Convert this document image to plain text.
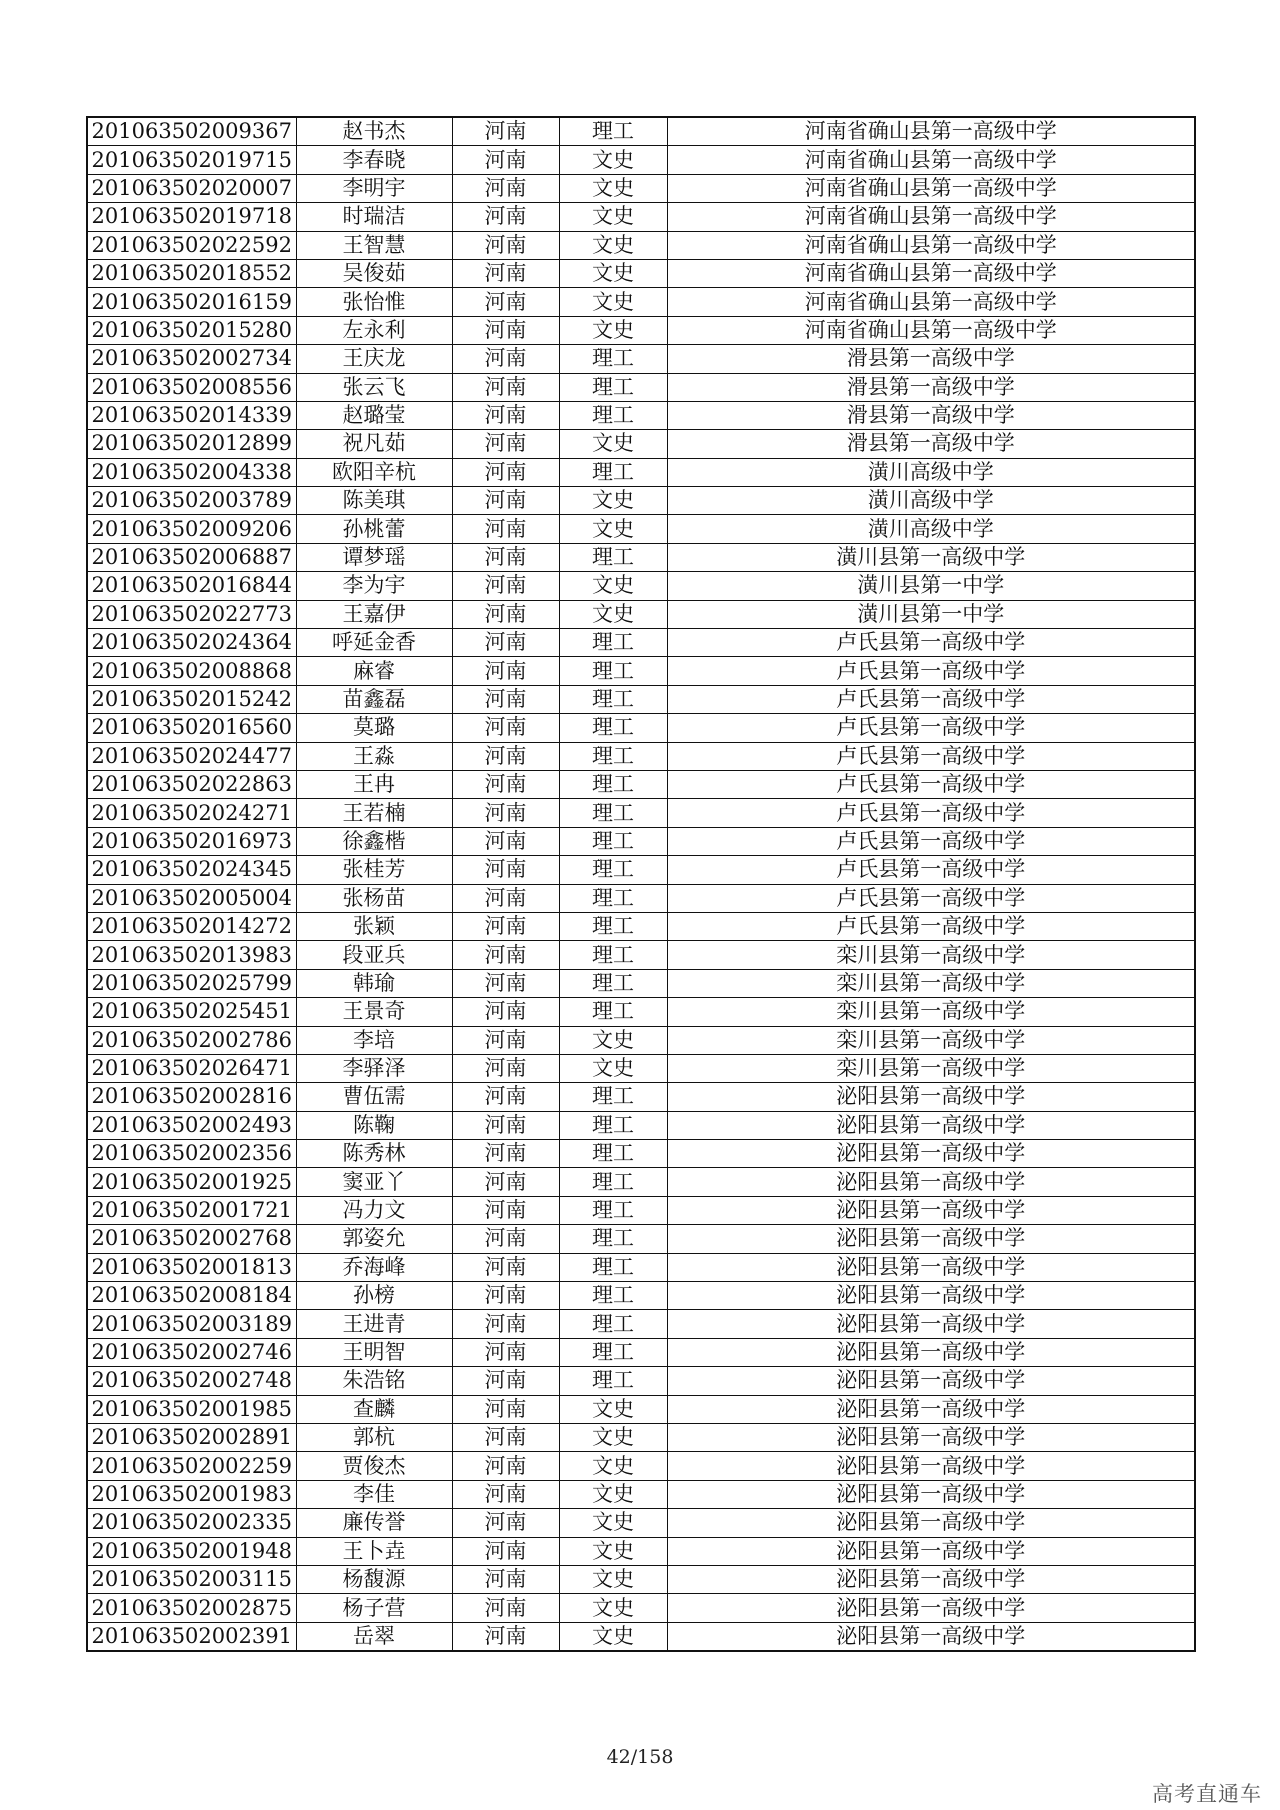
201063502009367	赵书杰	河南	理工	河南省确山县第一高级中学
201063502019715	李春晓	河南	文史	河南省确山县第一高级中学
201063502020007	李明宇	河南	文史	河南省确山县第一高级中学
201063502019718	时瑞洁	河南	文史	河南省确山县第一高级中学
201063502022592	王智慧	河南	文史	河南省确山县第一高级中学
201063502018552	吴俊茹	河南	文史	河南省确山县第一高级中学
201063502016159	张怡惟	河南	文史	河南省确山县第一高级中学
201063502015280	左永利	河南	文史	河南省确山县第一高级中学
201063502002734	王庆龙	河南	理工	滑县第一高级中学
201063502008556	张云飞	河南	理工	滑县第一高级中学
201063502014339	赵璐莹	河南	理工	滑县第一高级中学
201063502012899	祝凡茹	河南	文史	滑县第一高级中学
201063502004338	欧阳辛杭	河南	理工	潢川高级中学
201063502003789	陈美琪	河南	文史	潢川高级中学
201063502009206	孙桃蕾	河南	文史	潢川高级中学
201063502006887	谭梦瑶	河南	理工	潢川县第一高级中学
201063502016844	李为宇	河南	文史	潢川县第一中学
201063502022773	王嘉伊	河南	文史	潢川县第一中学
201063502024364	呼延金香	河南	理工	卢氏县第一高级中学
201063502008868	麻睿	河南	理工	卢氏县第一高级中学
201063502015242	苗鑫磊	河南	理工	卢氏县第一高级中学
201063502016560	莫璐	河南	理工	卢氏县第一高级中学
201063502024477	王淼	河南	理工	卢氏县第一高级中学
201063502022863	王冉	河南	理工	卢氏县第一高级中学
201063502024271	王若楠	河南	理工	卢氏县第一高级中学
201063502016973	徐鑫楷	河南	理工	卢氏县第一高级中学
201063502024345	张桂芳	河南	理工	卢氏县第一高级中学
201063502005004	张杨苗	河南	理工	卢氏县第一高级中学
201063502014272	张颖	河南	理工	卢氏县第一高级中学
201063502013983	段亚兵	河南	理工	栾川县第一高级中学
201063502025799	韩瑜	河南	理工	栾川县第一高级中学
201063502025451	王景奇	河南	理工	栾川县第一高级中学
201063502002786	李培	河南	文史	栾川县第一高级中学
201063502026471	李驿泽	河南	文史	栾川县第一高级中学
201063502002816	曹伍需	河南	理工	泌阳县第一高级中学
201063502002493	陈鞠	河南	理工	泌阳县第一高级中学
201063502002356	陈秀林	河南	理工	泌阳县第一高级中学
201063502001925	窦亚丫	河南	理工	泌阳县第一高级中学
201063502001721	冯力文	河南	理工	泌阳县第一高级中学
201063502002768	郭姿允	河南	理工	泌阳县第一高级中学
201063502001813	乔海峰	河南	理工	泌阳县第一高级中学
201063502008184	孙榜	河南	理工	泌阳县第一高级中学
201063502003189	王进青	河南	理工	泌阳县第一高级中学
201063502002746	王明智	河南	理工	泌阳县第一高级中学
201063502002748	朱浩铭	河南	理工	泌阳县第一高级中学
201063502001985	查麟	河南	文史	泌阳县第一高级中学
201063502002891	郭杭	河南	文史	泌阳县第一高级中学
201063502002259	贾俊杰	河南	文史	泌阳县第一高级中学
201063502001983	李佳	河南	文史	泌阳县第一高级中学
201063502002335	廉传誉	河南	文史	泌阳县第一高级中学
201063502001948	王卜垚	河南	文史	泌阳县第一高级中学
201063502003115	杨馥源	河南	文史	泌阳县第一高级中学
201063502002875	杨子营	河南	文史	泌阳县第一高级中学
201063502002391	岳翠	河南	文史	泌阳县第一高级中学
42/158
高考直通车
